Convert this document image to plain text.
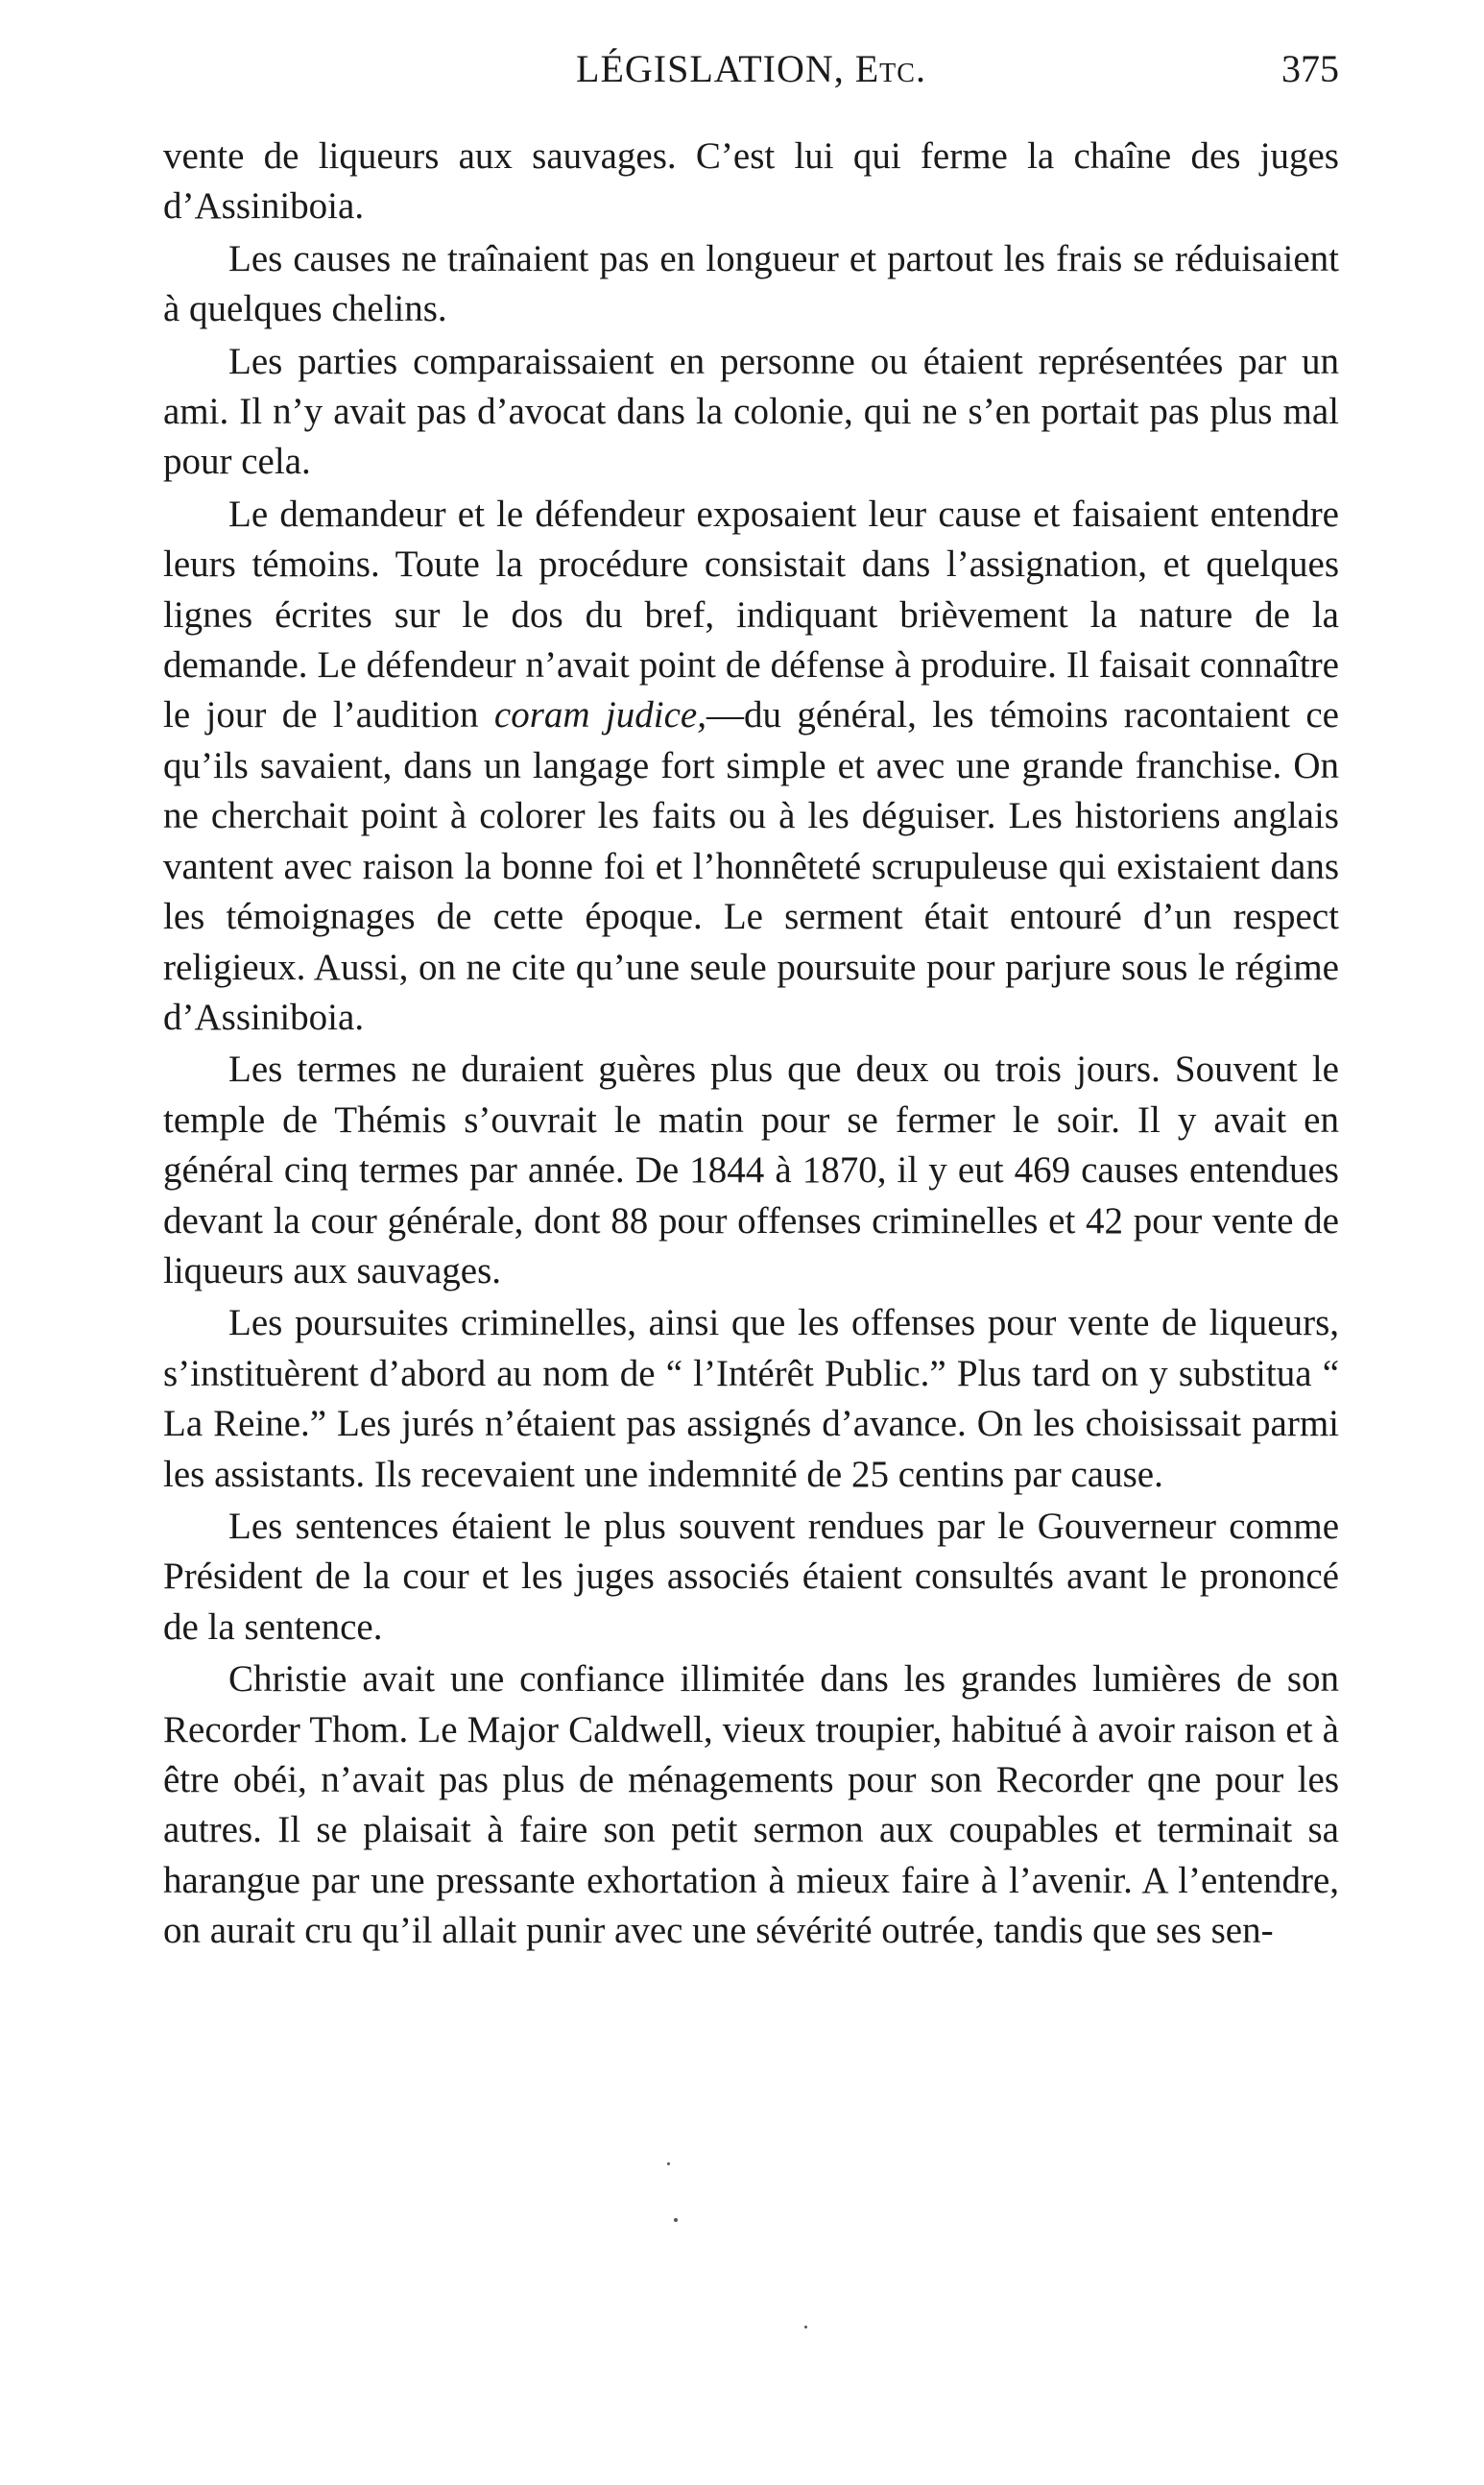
LÉGISLATION, Etc.	375

vente de liqueurs aux sauvages. C’est lui qui ferme la chaîne des juges d’Assiniboia.

Les causes ne traînaient pas en longueur et partout les frais se réduisaient à quelques chelins.

Les parties comparaissaient en personne ou étaient représentées par un ami. Il n’y avait pas d’avocat dans la colonie, qui ne s’en portait pas plus mal pour cela.

Le demandeur et le défendeur exposaient leur cause et faisaient entendre leurs témoins. Toute la procédure consistait dans l’assignation, et quelques lignes écrites sur le dos du bref, indiquant brièvement la nature de la demande. Le défendeur n’avait point de défense à produire. Il faisait connaître le jour de l’audition coram judice,—du général, les témoins racontaient ce qu’ils savaient, dans un langage fort simple et avec une grande franchise. On ne cherchait point à colorer les faits ou à les déguiser. Les historiens anglais vantent avec raison la bonne foi et l’honnêteté scrupuleuse qui existaient dans les témoignages de cette époque. Le serment était entouré d’un respect religieux. Aussi, on ne cite qu’une seule poursuite pour parjure sous le régime d’Assiniboia.

Les termes ne duraient guères plus que deux ou trois jours. Souvent le temple de Thémis s’ouvrait le matin pour se fermer le soir. Il y avait en général cinq termes par année. De 1844 à 1870, il y eut 469 causes entendues devant la cour générale, dont 88 pour offenses criminelles et 42 pour vente de liqueurs aux sauvages.

Les poursuites criminelles, ainsi que les offenses pour vente de liqueurs, s’instituèrent d’abord au nom de “ l’Intérêt Public.” Plus tard on y substitua “ La Reine.” Les jurés n’étaient pas assignés d’avance. On les choisissait parmi les assistants. Ils recevaient une indemnité de 25 centins par cause.

Les sentences étaient le plus souvent rendues par le Gouverneur comme Président de la cour et les juges associés étaient consultés avant le prononcé de la sentence.

Christie avait une confiance illimitée dans les grandes lumières de son Recorder Thom. Le Major Caldwell, vieux troupier, habitué à avoir raison et à être obéi, n’avait pas plus de ménagements pour son Recorder qne pour les autres. Il se plaisait à faire son petit sermon aux coupables et terminait sa harangue par une pressante exhortation à mieux faire à l’avenir. A l’entendre, on aurait cru qu’il allait punir avec une sévérité outrée, tandis que ses sen-
